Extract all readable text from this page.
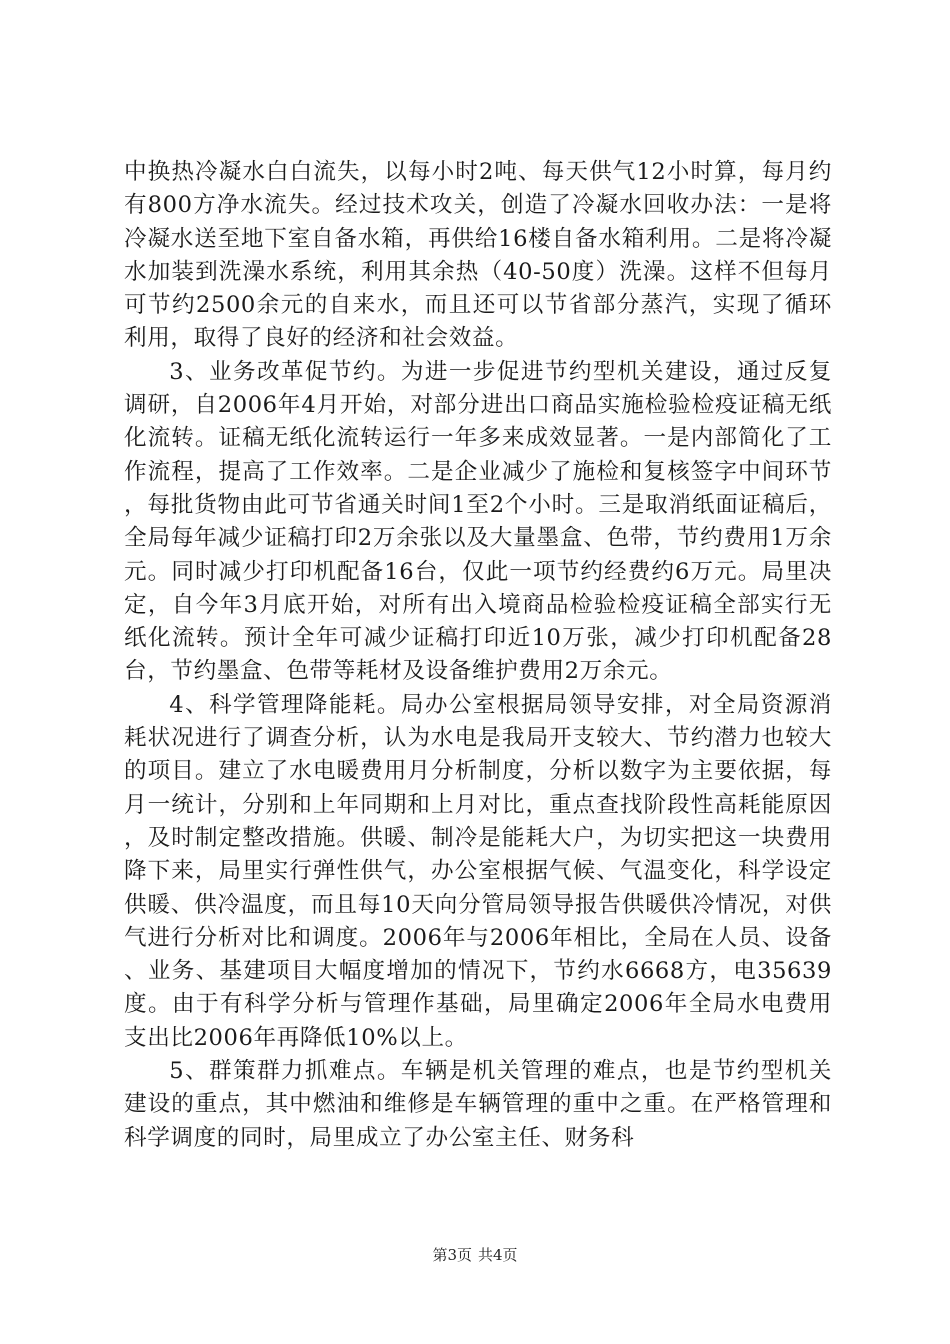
中换热冷凝水白白流失，以每小时2吨、每天供气12小时算，每月约有800方净水流失。经过技术攻关，创造了冷凝水回收办法：一是将冷凝水送至地下室自备水箱，再供给16楼自备水箱利用。二是将冷凝水加装到洗澡水系统，利用其余热（40-50度）洗澡。这样不但每月可节约2500余元的自来水，而且还可以节省部分蒸汽，实现了循环利用，取得了良好的经济和社会效益。

3、业务改革促节约。为进一步促进节约型机关建设，通过反复调研，自2006年4月开始，对部分进出口商品实施检验检疫证稿无纸化流转。证稿无纸化流转运行一年多来成效显著。一是内部简化了工作流程，提高了工作效率。二是企业减少了施检和复核签字中间环节，每批货物由此可节省通关时间1至2个小时。三是取消纸面证稿后，全局每年减少证稿打印2万余张以及大量墨盒、色带，节约费用1万余元。同时减少打印机配备16台，仅此一项节约经费约6万元。局里决定，自今年3月底开始，对所有出入境商品检验检疫证稿全部实行无纸化流转。预计全年可减少证稿打印近10万张，减少打印机配备28台，节约墨盒、色带等耗材及设备维护费用2万余元。

4、科学管理降能耗。局办公室根据局领导安排，对全局资源消耗状况进行了调查分析，认为水电是我局开支较大、节约潜力也较大的项目。建立了水电暖费用月分析制度，分析以数字为主要依据，每月一统计，分别和上年同期和上月对比，重点查找阶段性高耗能原因，及时制定整改措施。供暖、制冷是能耗大户，为切实把这一块费用降下来，局里实行弹性供气，办公室根据气候、气温变化，科学设定供暖、供冷温度，而且每10天向分管局领导报告供暖供冷情况，对供气进行分析对比和调度。2006年与2006年相比，全局在人员、设备、业务、基建项目大幅度增加的情况下，节约水6668方，电35639度。由于有科学分析与管理作基础，局里确定2006年全局水电费用支出比2006年再降低10%以上。

5、群策群力抓难点。车辆是机关管理的难点，也是节约型机关建设的重点，其中燃油和维修是车辆管理的重中之重。在严格管理和科学调度的同时，局里成立了办公室主任、财务科

第3页 共4页
